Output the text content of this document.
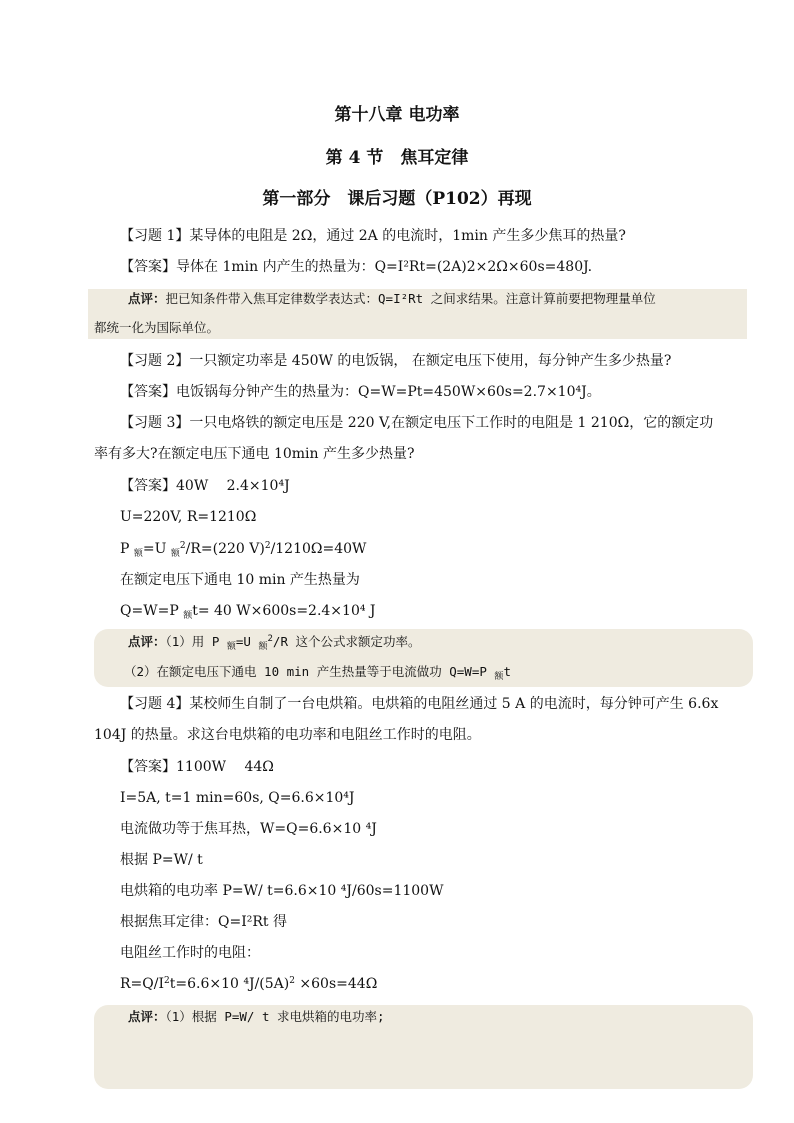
第十八章 电功率
第 4 节　焦耳定律
第一部分　课后习题（P102）再现
【习题 1】某导体的电阻是 2Ω，通过 2A 的电流时，1min 产生多少焦耳的热量?
【答案】导体在 1min 内产生的热量为：Q=I²Rt=(2A)2×2Ω×60s=480J.
点评：把已知条件带入焦耳定律数学表达式：Q=I²Rt 之间求结果。注意计算前要把物理量单位
都统一化为国际单位。
【习题 2】一只额定功率是 450W 的电饭锅， 在额定电压下使用，每分钟产生多少热量?
【答案】电饭锅每分钟产生的热量为：Q=W=Pt=450W×60s=2.7×10⁴J。
【习题 3】一只电烙铁的额定电压是 220 V,在额定电压下工作时的电阻是 1 210Ω，它的额定功
率有多大?在额定电压下通电 10min 产生多少热量?
【答案】40W　 2.4×10⁴J
U=220V, R=1210Ω
P $_额$=U $_额^2$/R=(220 V)$^2$/1210Ω=40W
在额定电压下通电 10 min 产生热量为
Q=W=P $_额$t= 40 W×600s=2.4×10⁴ J
点评：（1）用 P $_额$=U $_额^2$/R 这个公式求额定功率。
（2）在额定电压下通电 10 min 产生热量等于电流做功 Q=W=P $_额$t
【习题 4】某校师生自制了一台电烘箱。电烘箱的电阻丝通过 5 A 的电流时，每分钟可产生 6.6x
104J 的热量。求这台电烘箱的电功率和电阻丝工作时的电阻。
【答案】1100W　 44Ω
I=5A, t=1 min=60s, Q=6.6×10⁴J
电流做功等于焦耳热，W=Q=6.6×10 ⁴J
根据 P=W/ t
电烘箱的电功率 P=W/ t=6.6×10 ⁴J/60s=1100W
根据焦耳定律：Q=I²Rt 得
电阻丝工作时的电阻：
$R=Q/I^2t=6.6\times 10$ $^4J/(5A)^2 \times 60s=44\Omega$
点评：（1）根据 P=W/ t 求电烘箱的电功率;
